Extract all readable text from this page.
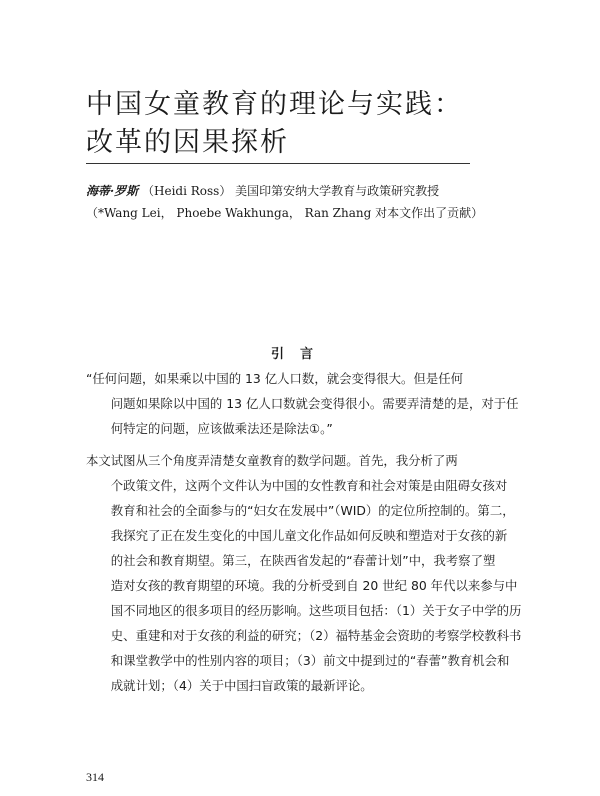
中国女童教育的理论与实践：
改革的因果探析
海蒂·罗斯 （Heidi Ross） 美国印第安纳大学教育与政策研究教授
（*Wang Lei， Phoebe Wakhunga， Ran Zhang 对本文作出了贡献）
引言

“任何问题，如果乘以中国的 13 亿人口数，就会变得很大。但是任何
问题如果除以中国的 13 亿人口数就会变得很小。需要弄清楚的是，对于任
何特定的问题，应该做乘法还是除法①。”

本文试图从三个角度弄清楚女童教育的数学问题。首先，我分析了两
个政策文件，这两个文件认为中国的女性教育和社会对策是由阻碍女孩对
教育和社会的全面参与的“妇女在发展中”（WID）的定位所控制的。第二，
我探究了正在发生变化的中国儿童文化作品如何反映和塑造对于女孩的新
的社会和教育期望。第三，在陕西省发起的“春蕾计划”中，我考察了塑
造对女孩的教育期望的环境。我的分析受到自 20 世纪 80 年代以来参与中
国不同地区的很多项目的经历影响。这些项目包括：（1）关于女子中学的历
史、重建和对于女孩的利益的研究；（2）福特基金会资助的考察学校教科书
和课堂教学中的性别内容的项目；（3）前文中提到过的“春蕾”教育机会和
成就计划；（4）关于中国扫盲政策的最新评论。

314
